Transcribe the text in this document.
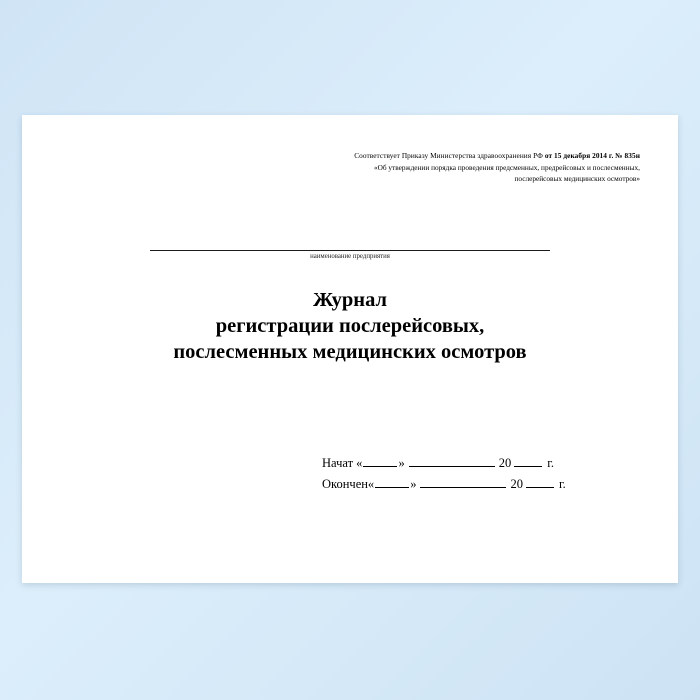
Соответствует Приказу Министерства здравоохранения РФ от 15 декабря 2014 г. № 835н
«Об утверждении порядка проведения предсменных, предрейсовых и послесменных,
послерейсовых медицинских осмотров»
наименование предприятия
Журнал
регистрации послерейсовых,
послесменных медицинских осмотров
Начат «	»	20	г.
Окончен«	»	20	г.
